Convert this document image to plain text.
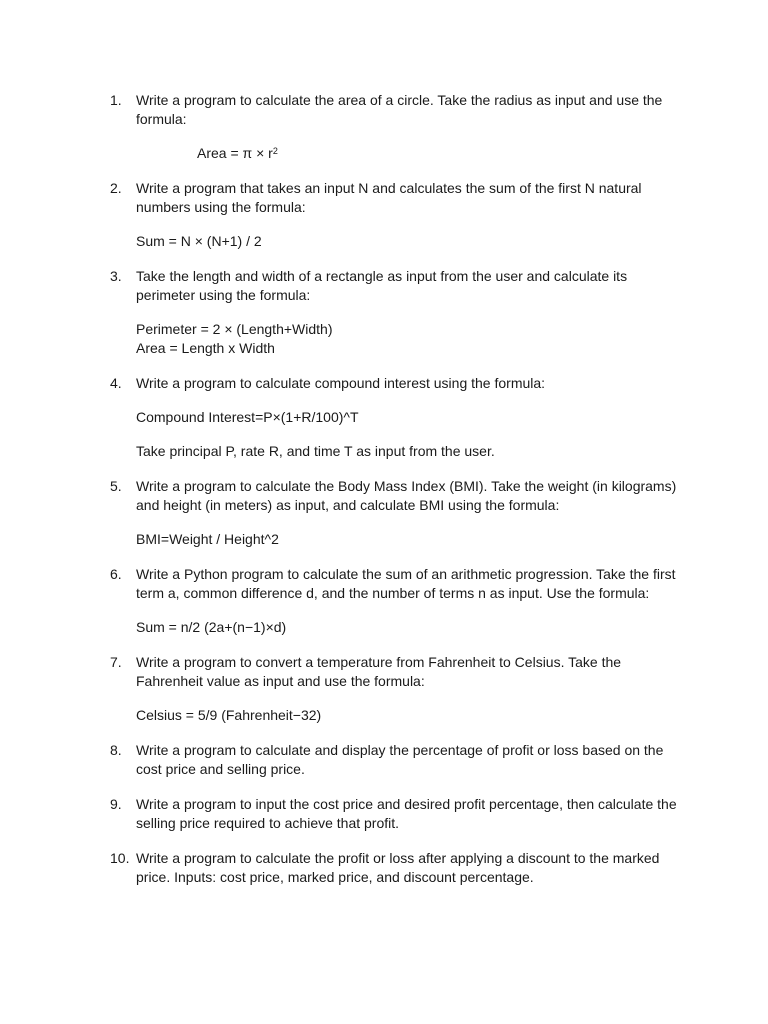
1.	Write a program to calculate the area of a circle. Take the radius as input and use the
formula:
Area = $\pi \times r^2$
2.	Write a program that takes an input N and calculates the sum of the first N natural
numbers using the formula:
Sum = N × (N+1) / 2
3.	Take the length and width of a rectangle as input from the user and calculate its
perimeter using the formula:
Perimeter = 2 × (Length+Width)
Area = Length x Width
4.	Write a program to calculate compound interest using the formula:
Compound Interest=P×(1+R/100)^T
Take principal P, rate R, and time T as input from the user.
5.	Write a program to calculate the Body Mass Index (BMI). Take the weight (in kilograms)
and height (in meters) as input, and calculate BMI using the formula:
BMI=Weight / Height^2
6.	Write a Python program to calculate the sum of an arithmetic progression. Take the first
term a, common difference d, and the number of terms n as input. Use the formula:
Sum = n/2 (2a+(n−1)×d)
7.	Write a program to convert a temperature from Fahrenheit to Celsius. Take the
Fahrenheit value as input and use the formula:
Celsius = 5/9 (Fahrenheit−32)
8.	Write a program to calculate and display the percentage of profit or loss based on the
cost price and selling price.
9.	Write a program to input the cost price and desired profit percentage, then calculate the
selling price required to achieve that profit.
10. Write a program to calculate the profit or loss after applying a discount to the marked
price. Inputs: cost price, marked price, and discount percentage.
